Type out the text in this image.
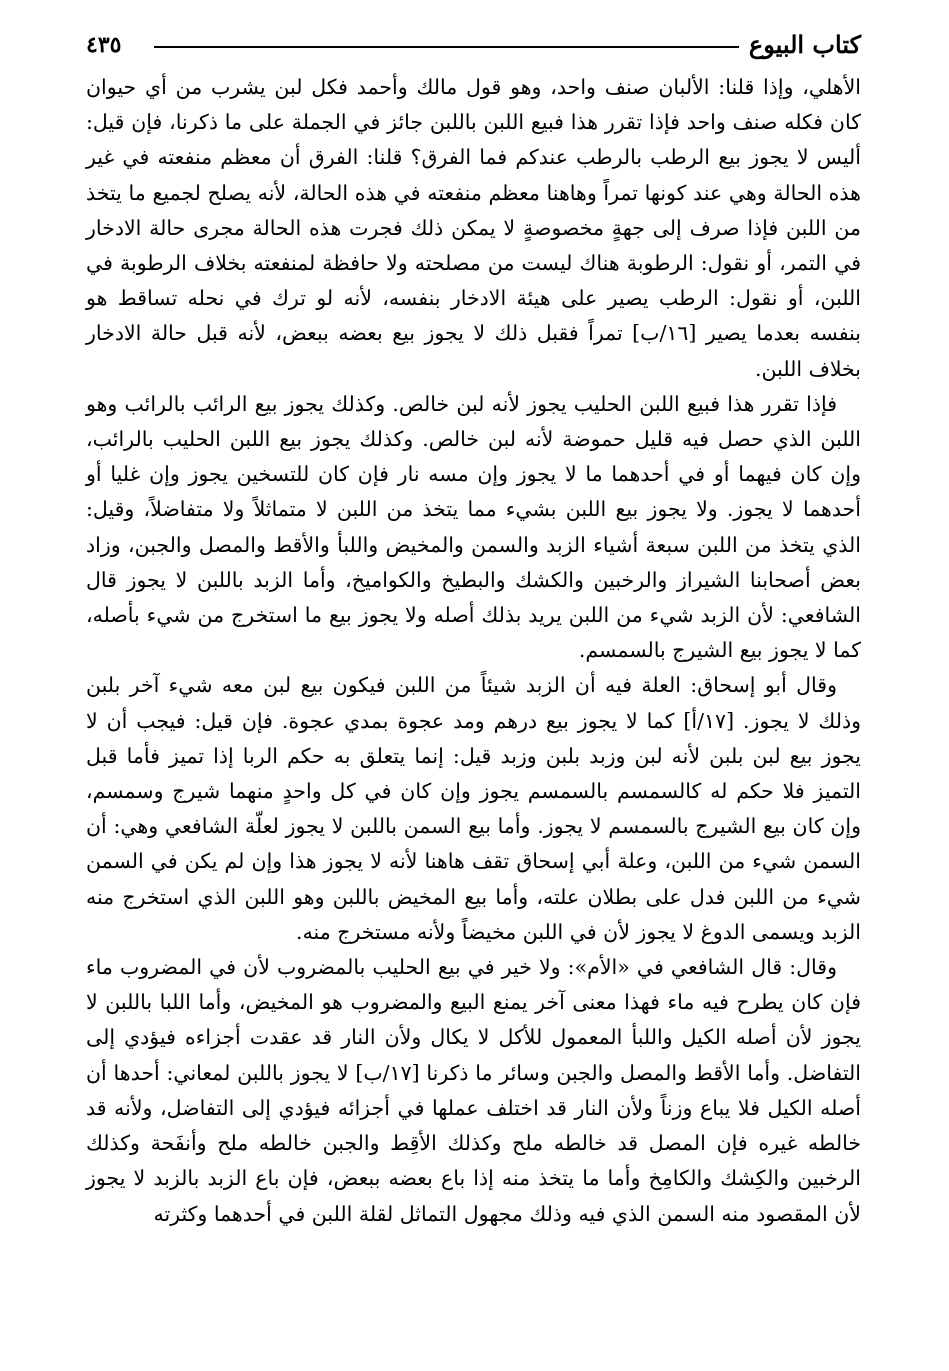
كتاب البيوع
٤٣٥

الأهلي، وإذا قلنا: الألبان صنف واحد، وهو قول مالك وأحمد فكل لبن يشرب من أي حيوان كان فكله صنف واحد فإذا تقرر هذا فبيع اللبن باللبن جائز في الجملة على ما ذكرنا، فإن قيل: أليس لا يجوز بيع الرطب بالرطب عندكم فما الفرق؟ قلنا: الفرق أن معظم منفعته في غير هذه الحالة وهي عند كونها تمراً وهاهنا معظم منفعته في هذه الحالة، لأنه يصلح لجميع ما يتخذ من اللبن فإذا صرف إلى جهةٍ مخصوصةٍ لا يمكن ذلك فجرت هذه الحالة مجرى حالة الادخار في التمر، أو نقول: الرطوبة هناك ليست من مصلحته ولا حافظة لمنفعته بخلاف الرطوبة في اللبن، أو نقول: الرطب يصير على هيئة الادخار بنفسه، لأنه لو ترك في نحله تساقط هو بنفسه بعدما يصير [١٦/ب] تمراً فقبل ذلك لا يجوز بيع بعضه ببعض، لأنه قبل حالة الادخار بخلاف اللبن.

فإذا تقرر هذا فبيع اللبن الحليب يجوز لأنه لبن خالص. وكذلك يجوز بيع الرائب بالرائب وهو اللبن الذي حصل فيه قليل حموضة لأنه لبن خالص. وكذلك يجوز بيع اللبن الحليب بالرائب، وإن كان فيهما أو في أحدهما ما لا يجوز وإن مسه نار فإن كان للتسخين يجوز وإن غليا أو أحدهما لا يجوز. ولا يجوز بيع اللبن بشيء مما يتخذ من اللبن لا متماثلاً ولا متفاضلاً، وقيل: الذي يتخذ من اللبن سبعة أشياء الزبد والسمن والمخيض واللبأ والأقط والمصل والجبن، وزاد بعض أصحابنا الشيراز والرخبين والكشك والبطيخ والكواميخ، وأما الزبد باللبن لا يجوز قال الشافعي: لأن الزبد شيء من اللبن يريد بذلك أصله ولا يجوز بيع ما استخرج من شيء بأصله، كما لا يجوز بيع الشيرج بالسمسم.

وقال أبو إسحاق: العلة فيه أن الزبد شيئاً من اللبن فيكون بيع لبن معه شيء آخر بلبن وذلك لا يجوز. [١٧/أ] كما لا يجوز بيع درهم ومد عجوة بمدي عجوة. فإن قيل: فيجب أن لا يجوز بيع لبن بلبن لأنه لبن وزبد بلبن وزبد قيل: إنما يتعلق به حكم الربا إذا تميز فأما قبل التميز فلا حكم له كالسمسم بالسمسم يجوز وإن كان في كل واحدٍ منهما شيرج وسمسم، وإن كان بيع الشيرج بالسمسم لا يجوز. وأما بيع السمن باللبن لا يجوز لعلّة الشافعي وهي: أن السمن شيء من اللبن، وعلة أبي إسحاق تقف هاهنا لأنه لا يجوز هذا وإن لم يكن في السمن شيء من اللبن فدل على بطلان علته، وأما بيع المخيض باللبن وهو اللبن الذي استخرج منه الزبد ويسمى الدوغ لا يجوز لأن في اللبن مخيضاً ولأنه مستخرج منه.

وقال: قال الشافعي في «الأم»: ولا خير في بيع الحليب بالمضروب لأن في المضروب ماء فإن كان يطرح فيه ماء فهذا معنى آخر يمنع البيع والمضروب هو المخيض، وأما اللبا باللبن لا يجوز لأن أصله الكيل واللبأ المعمول للأكل لا يكال ولأن النار قد عقدت أجزاءه فيؤدي إلى التفاضل. وأما الأقط والمصل والجبن وسائر ما ذكرنا [١٧/ب] لا يجوز باللبن لمعاني: أحدها أن أصله الكيل فلا يباع وزناً ولأن النار قد اختلف عملها في أجزائه فيؤدي إلى التفاضل، ولأنه قد خالطه غيره فإن المصل قد خالطه ملح وكذلك الأقِط والجبن خالطه ملح وأنفَحة وكذلك الرخبين والكِشك والكامِخ وأما ما يتخذ منه إذا باع بعضه ببعض، فإن باع الزبد بالزبد لا يجوز لأن المقصود منه السمن الذي فيه وذلك مجهول التماثل لقلة اللبن في أحدهما وكثرته
